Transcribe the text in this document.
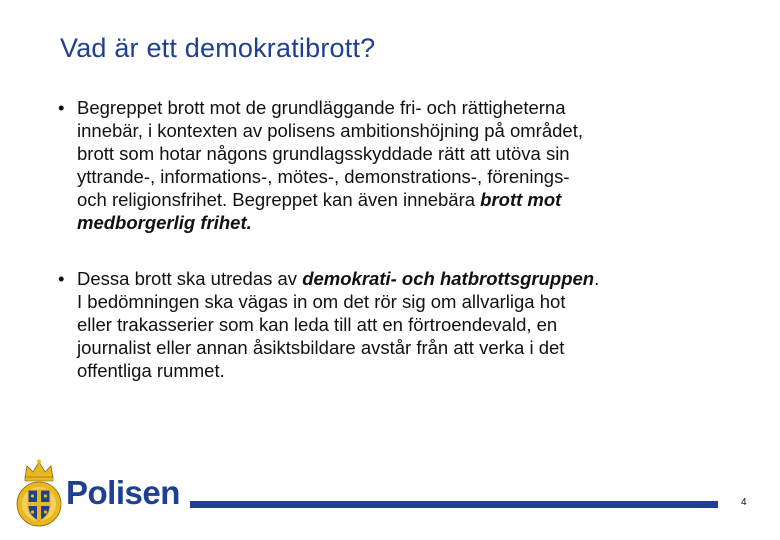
Vad är ett demokratibrott?
• Begreppet brott mot de grundläggande fri- och rättigheterna
innebär, i kontexten av polisens ambitionshöjning på området,
brott som hotar någons grundlagsskyddade rätt att utöva sin
yttrande-, informations-, mötes-, demonstrations-, förenings-
och religionsfrihet. Begreppet kan även innebära brott mot
medborgerlig frihet.
• Dessa brott ska utredas av demokrati- och hatbrottsgruppen.
I bedömningen ska vägas in om det rör sig om allvarliga hot
eller trakasserier som kan leda till att en förtroendevald, en
journalist eller annan åsiktsbildare avstår från att verka i det
offentliga rummet.
Polisen	4
